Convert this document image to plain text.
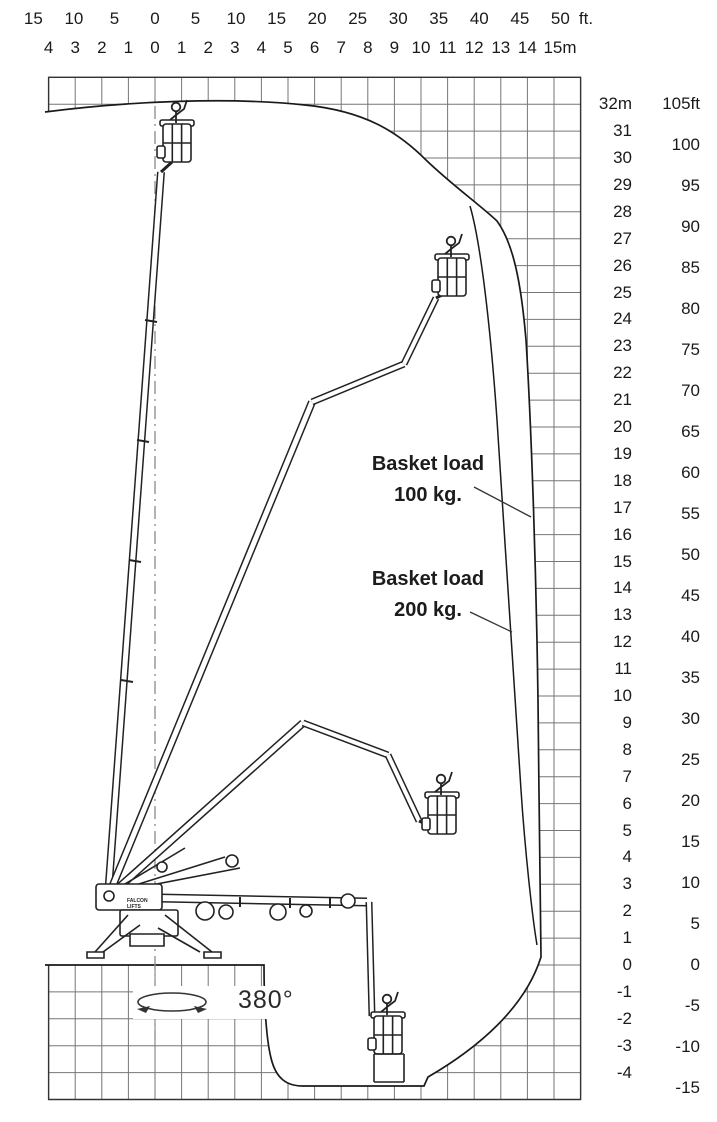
FALCON
LIFTS
15 10 5 0 5 10 15 20 25 30 35 40 45 50 ft.
4 3 2 1 0 1 2 3 4 5 6 7 8 9 10 11 12 13 14 15m
32m
31
30
29
28
27
26
25
24
23
22
21
20
19
18
17
16
15
14
13
12
11
10
9
8
7
6
5
4
3
2
1
0
-1
-2
-3
-4
105ft
100
95
90
85
80
75
70
65
60
55
50
45
40
35
30
25
20
15
10
5
0
-5
-10
-15
Basket load
100 kg.
Basket load
200 kg.
380°
